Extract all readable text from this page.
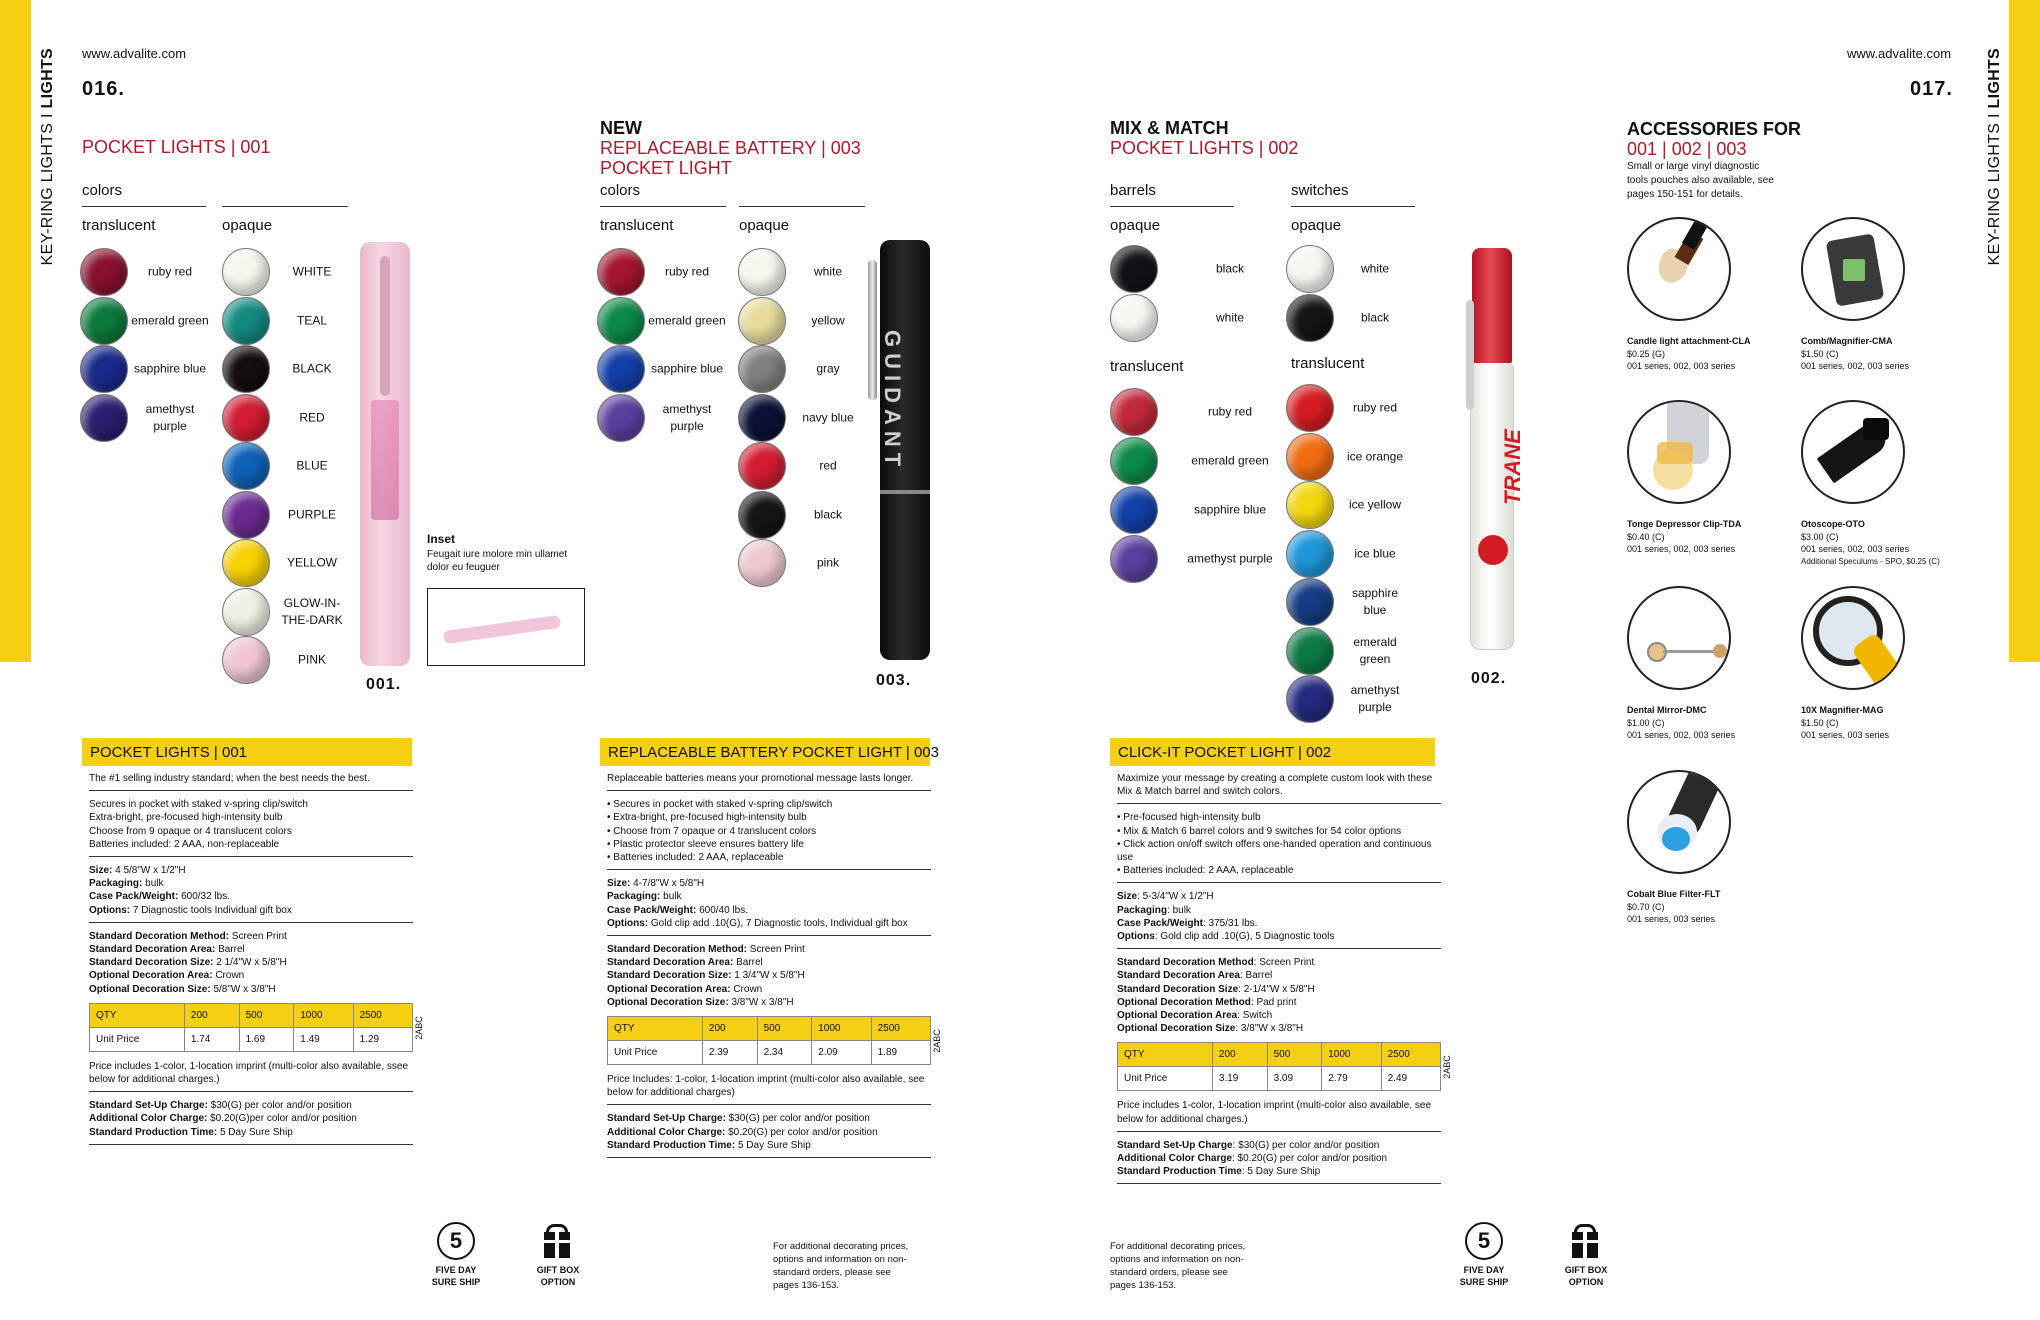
KEY-RING LIGHTS I LIGHTS
KEY-RING LIGHTS I LIGHTS
www.advalite.com
016.
www.advalite.com
017.
POCKET LIGHTS | 001
colors
translucent	opaque
ruby red
emerald green
sapphire blue
amethyst purple
WHITE
TEAL
BLACK
RED
BLUE
PURPLE
YELLOW
GLOW-IN-THE-DARK
PINK
001.
Inset
Feugait iure molore min ullamet dolor eu feuguer
POCKET LIGHTS | 001
The #1 selling industry standard; when the best needs the best.
Secures in pocket with staked v-spring clip/switch
Extra-bright, pre-focused high-intensity bulb
Choose from 9 opaque or 4 translucent colors
Batteries included: 2 AAA, non-replaceable
Size: 4 5/8"W x 1/2"H
Packaging: bulk
Case Pack/Weight: 600/32 lbs.
Options: 7 Diagnostic tools Individual gift box
Standard Decoration Method: Screen Print
Standard Decoration Area: Barrel
Standard Decoration Size: 2 1/4"W x 5/8"H
Optional Decoration Area: Crown
Optional Decoration Size: 5/8"W x 3/8"H
QTY	200	500	1000	2500
Unit Price	1.74	1.69	1.49	1.29	2ABC
Price includes 1-color, 1-location imprint (multi-color also available, ssee below for additional charges.)
Standard Set-Up Charge: $30(G) per color and/or position
Additional Color Charge: $0.20(G)per color and/or position
Standard Production Time: 5 Day Sure Ship
NEW
REPLACEABLE BATTERY | 003
POCKET LIGHT
colors
translucent	opaque
ruby red
emerald green
sapphire blue
amethyst purple
white
yellow
gray
navy blue
red
black
pink
GUIDANT
003.
REPLACEABLE BATTERY POCKET LIGHT | 003
Replaceable batteries means your promotional message lasts longer.
• Secures in pocket with staked v-spring clip/switch
• Extra-bright, pre-focused high-intensity bulb
• Choose from 7 opaque or 4 translucent colors
• Plastic protector sleeve ensures battery life
• Batteries included: 2 AAA, replaceable
Size: 4-7/8"W x 5/8"H
Packaging: bulk
Case Pack/Weight: 600/40 lbs.
Options: Gold clip add .10(G), 7 Diagnostic tools, Individual gift box
Standard Decoration Method: Screen Print
Standard Decoration Area: Barrel
Standard Decoration Size: 1 3/4"W x 5/8"H
Optional Decoration Area: Crown
Optional Decoration Size: 3/8"W x 3/8"H
QTY	200	500	1000	2500
Unit Price	2.39	2.34	2.09	1.89	2ABC
Price Includes: 1-color, 1-location imprint (multi-color also available, see below for additional charges)
Standard Set-Up Charge: $30(G) per color and/or position
Additional Color Charge: $0.20(G) per color and/or position
Standard Production Time: 5 Day Sure Ship
MIX & MATCH
POCKET LIGHTS | 002
barrels	switches
opaque	opaque
translucent	translucent
black
white
ruby red
emerald green
sapphire blue
amethyst purple
white
black
ruby red
ice orange
ice yellow
ice blue
sapphire blue
emerald green
amethyst purple
TRANE
002.
CLICK-IT POCKET LIGHT | 002
Maximize your message by creating a complete custom look with these Mix & Match barrel and switch colors.
• Pre-focused high-intensity bulb
• Mix & Match 6 barrel colors and 9 switches for 54 color options
• Click action on/off switch offers one-handed operation and continuous use
• Batteries included: 2 AAA, replaceable
Size: 5-3/4"W x 1/2"H
Packaging: bulk
Case Pack/Weight: 375/31 lbs.
Options: Gold clip add .10(G), 5 Diagnostic tools
Standard Decoration Method: Screen Print
Standard Decoration Area: Barrel
Standard Decoration Size: 2-1/4"W x 5/8"H
Optional Decoration Method: Pad print
Optional Decoration Area: Switch
Optional Decoration Size: 3/8"W x 3/8"H
QTY	200	500	1000	2500
Unit Price	3.19	3.09	2.79	2.49	2ABC
Price includes 1-color, 1-location imprint (multi-color also available, see below for additional charges.)
Standard Set-Up Charge: $30(G) per color and/or position
Additional Color Charge: $0.20(G) per color and/or position
Standard Production Time: 5 Day Sure Ship
ACCESSORIES FOR
001 | 002 | 003
Small or large vinyl diagnostic tools pouches also available, see pages 150-151 for details.
Candle light attachment-CLA
$0.25 (G)
001 series, 002, 003 series
Comb/Magnifier-CMA
$1.50 (C)
001 series, 002, 003 series
Tonge Depressor Clip-TDA
$0.40 (C)
001 series, 002, 003 series
Otoscope-OTO
$3.00 (C)
001 series, 002, 003 series
Additional Speculums - SPO, $0.25 (C)
Dental Mirror-DMC
$1.00 (C)
001 series, 002, 003 series
10X Magnifier-MAG
$1.50 (C)
001 series, 003 series
Cobalt Blue Filter-FLT
$0.70 (C)
001 series, 003 series
5
FIVE DAY
SURE SHIP
GIFT BOX
OPTION
5
FIVE DAY
SURE SHIP
GIFT BOX
OPTION
For additional decorating prices, options and information on non-standard orders, please see pages 136-153.
For additional decorating prices, options and information on non-standard orders, please see pages 136-153.
